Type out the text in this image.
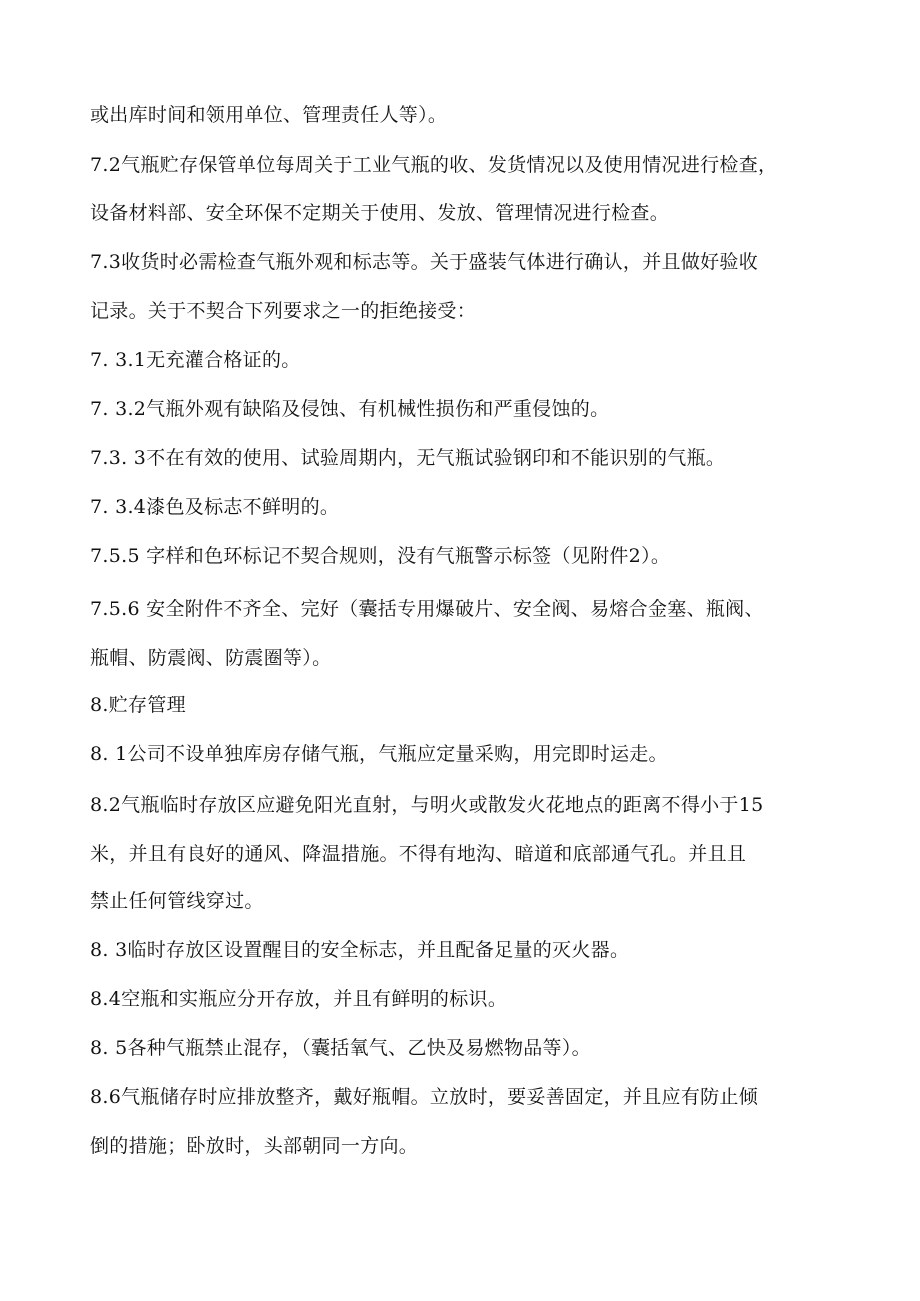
或出库时间和领用单位、管理责任人等）。
7.2气瓶贮存保管单位每周关于工业气瓶的收、发货情况以及使用情况进行检查，
设备材料部、安全环保不定期关于使用、发放、管理情况进行检查。
7.3收货时必需检查气瓶外观和标志等。关于盛装气体进行确认，并且做好验收
记录。关于不契合下列要求之一的拒绝接受：
7. 3.1无充灌合格证的。
7. 3.2气瓶外观有缺陷及侵蚀、有机械性损伤和严重侵蚀的。
7.3. 3不在有效的使用、试验周期内，无气瓶试验钢印和不能识别的气瓶。
7. 3.4漆色及标志不鲜明的。
7.5.5 字样和色环标记不契合规则，没有气瓶警示标签（见附件2）。
7.5.6 安全附件不齐全、完好（囊括专用爆破片、安全阀、易熔合金塞、瓶阀、
瓶帽、防震阀、防震圈等）。
8.贮存管理
8. 1公司不设单独库房存储气瓶，气瓶应定量采购，用完即时运走。
8.2气瓶临时存放区应避免阳光直射，与明火或散发火花地点的距离不得小于15
米，并且有良好的通风、降温措施。不得有地沟、暗道和底部通气孔。并且且
禁止任何管线穿过。
8. 3临时存放区设置醒目的安全标志，并且配备足量的灭火器。
8.4空瓶和实瓶应分开存放，并且有鲜明的标识。
8. 5各种气瓶禁止混存，（囊括氧气、乙快及易燃物品等）。
8.6气瓶储存时应排放整齐，戴好瓶帽。立放时，要妥善固定，并且应有防止倾
倒的措施；卧放时，头部朝同一方向。
